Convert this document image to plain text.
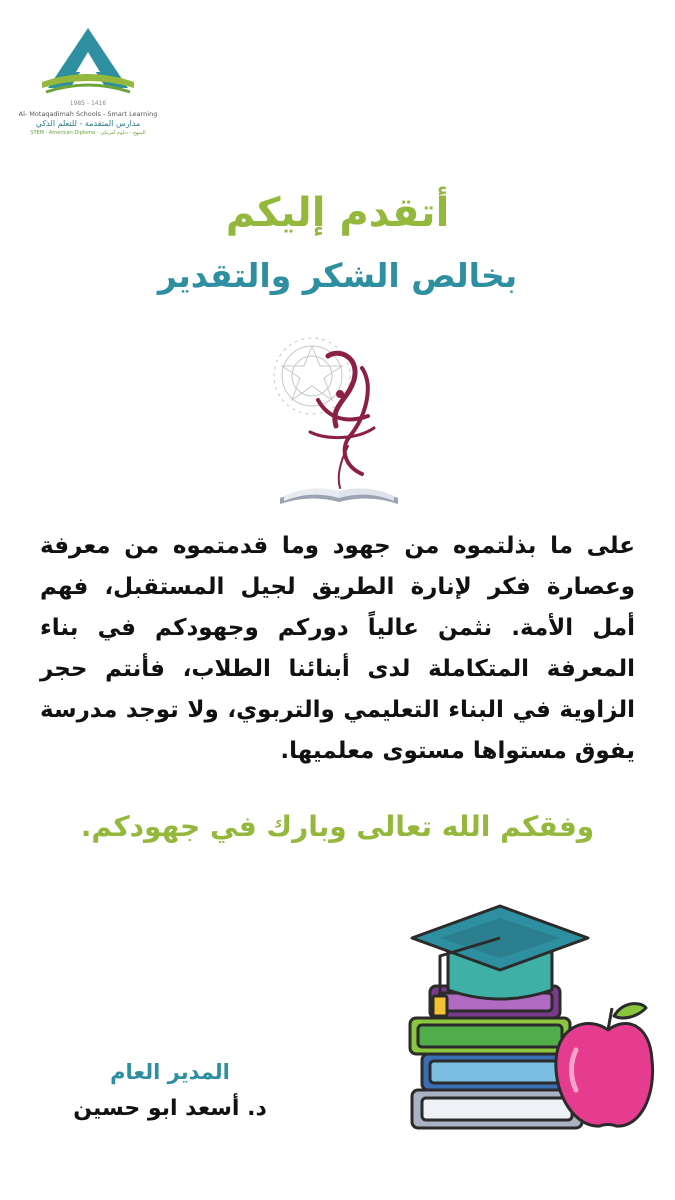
1985 - 1416
Al- Motaqadimah Schools - Smart Learning
مدارس المتقدمة - للتعلم الذكي
STEM - American Diploma - المنهج - دبلوم أمريكي
أتقدم إليكم
بخالص الشكر والتقدير
على ما بذلتموه من جهود وما قدمتموه من معرفة وعصارة فكر لإنارة الطريق لجيل المستقبل، فهم أمل الأمة. نثمن عالياً دوركم وجهودكم في بناء المعرفة المتكاملة لدى أبنائنا الطلاب، فأنتم حجر الزاوية في البناء التعليمي والتربوي، ولا توجد مدرسة يفوق مستواها مستوى معلميها.
وفقكم الله تعالى وبارك في جهودكم.
المدير العام
د. أسعد ابو حسين
